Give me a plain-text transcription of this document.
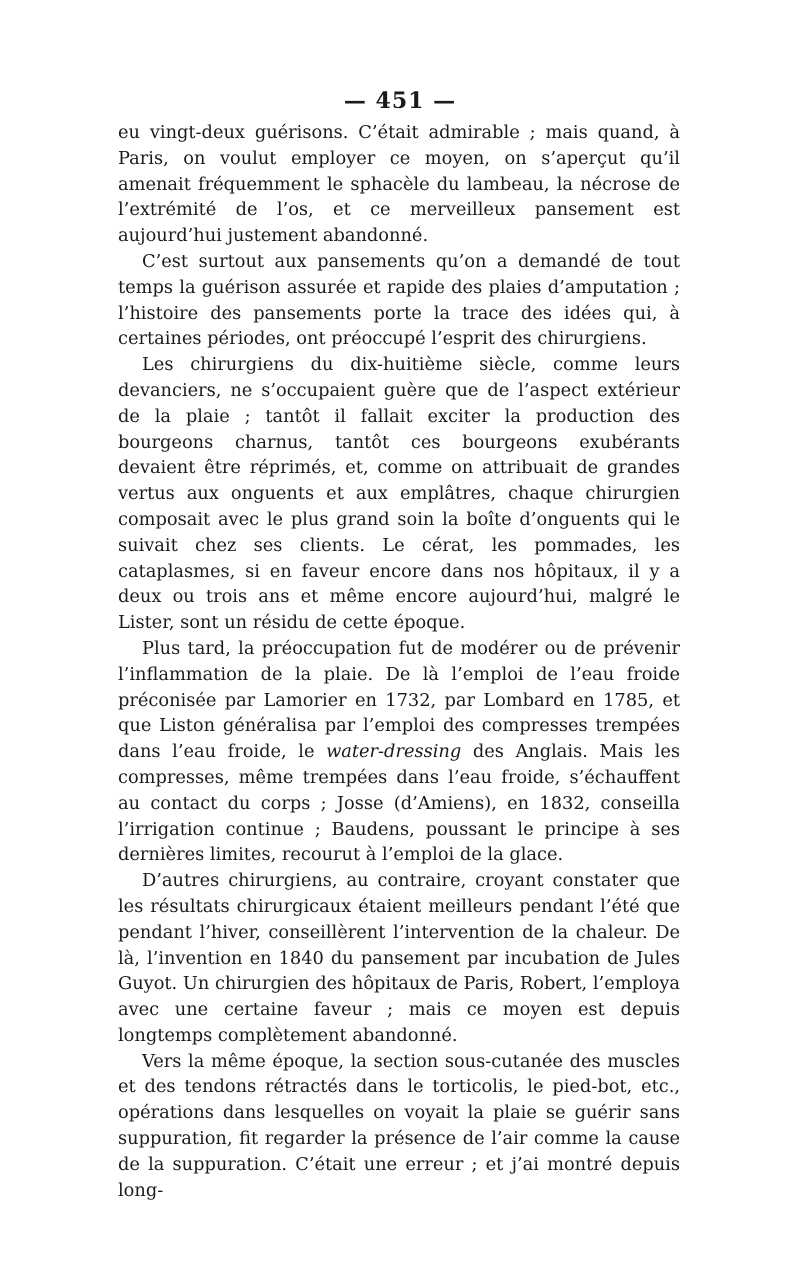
— 451 —

eu vingt-deux guérisons. C’était admirable ; mais quand, à Paris, on voulut employer ce moyen, on s’aperçut qu’il amenait fréquemment le sphacèle du lambeau, la nécrose de l’extrémité de l’os, et ce merveilleux pansement est aujourd’hui justement abandonné.

C’est surtout aux pansements qu’on a demandé de tout temps la guérison assurée et rapide des plaies d’amputation ; l’histoire des pansements porte la trace des idées qui, à certaines périodes, ont préoccupé l’esprit des chirurgiens.

Les chirurgiens du dix-huitième siècle, comme leurs devanciers, ne s’occupaient guère que de l’aspect extérieur de la plaie ; tantôt il fallait exciter la production des bourgeons charnus, tantôt ces bourgeons exubérants devaient être réprimés, et, comme on attribuait de grandes vertus aux onguents et aux emplâtres, chaque chirurgien composait avec le plus grand soin la boîte d’onguents qui le suivait chez ses clients. Le cérat, les pommades, les cataplasmes, si en faveur encore dans nos hôpitaux, il y a deux ou trois ans et même encore aujourd’hui, malgré le Lister, sont un résidu de cette époque.

Plus tard, la préoccupation fut de modérer ou de prévenir l’inflammation de la plaie. De là l’emploi de l’eau froide préconisée par Lamorier en 1732, par Lombard en 1785, et que Liston généralisa par l’emploi des compresses trempées dans l’eau froide, le water-dressing des Anglais. Mais les compresses, même trempées dans l’eau froide, s’échauffent au contact du corps ; Josse (d’Amiens), en 1832, conseilla l’irrigation continue ; Baudens, poussant le principe à ses dernières limites, recourut à l’emploi de la glace.

D’autres chirurgiens, au contraire, croyant constater que les résultats chirurgicaux étaient meilleurs pendant l’été que pendant l’hiver, conseillèrent l’intervention de la chaleur. De là, l’invention en 1840 du pansement par incubation de Jules Guyot. Un chirurgien des hôpitaux de Paris, Robert, l’employa avec une certaine faveur ; mais ce moyen est depuis longtemps complètement abandonné.

Vers la même époque, la section sous-cutanée des muscles et des tendons rétractés dans le torticolis, le pied-bot, etc., opérations dans lesquelles on voyait la plaie se guérir sans suppuration, fit regarder la présence de l’air comme la cause de la suppuration. C’était une erreur ; et j’ai montré depuis long-
